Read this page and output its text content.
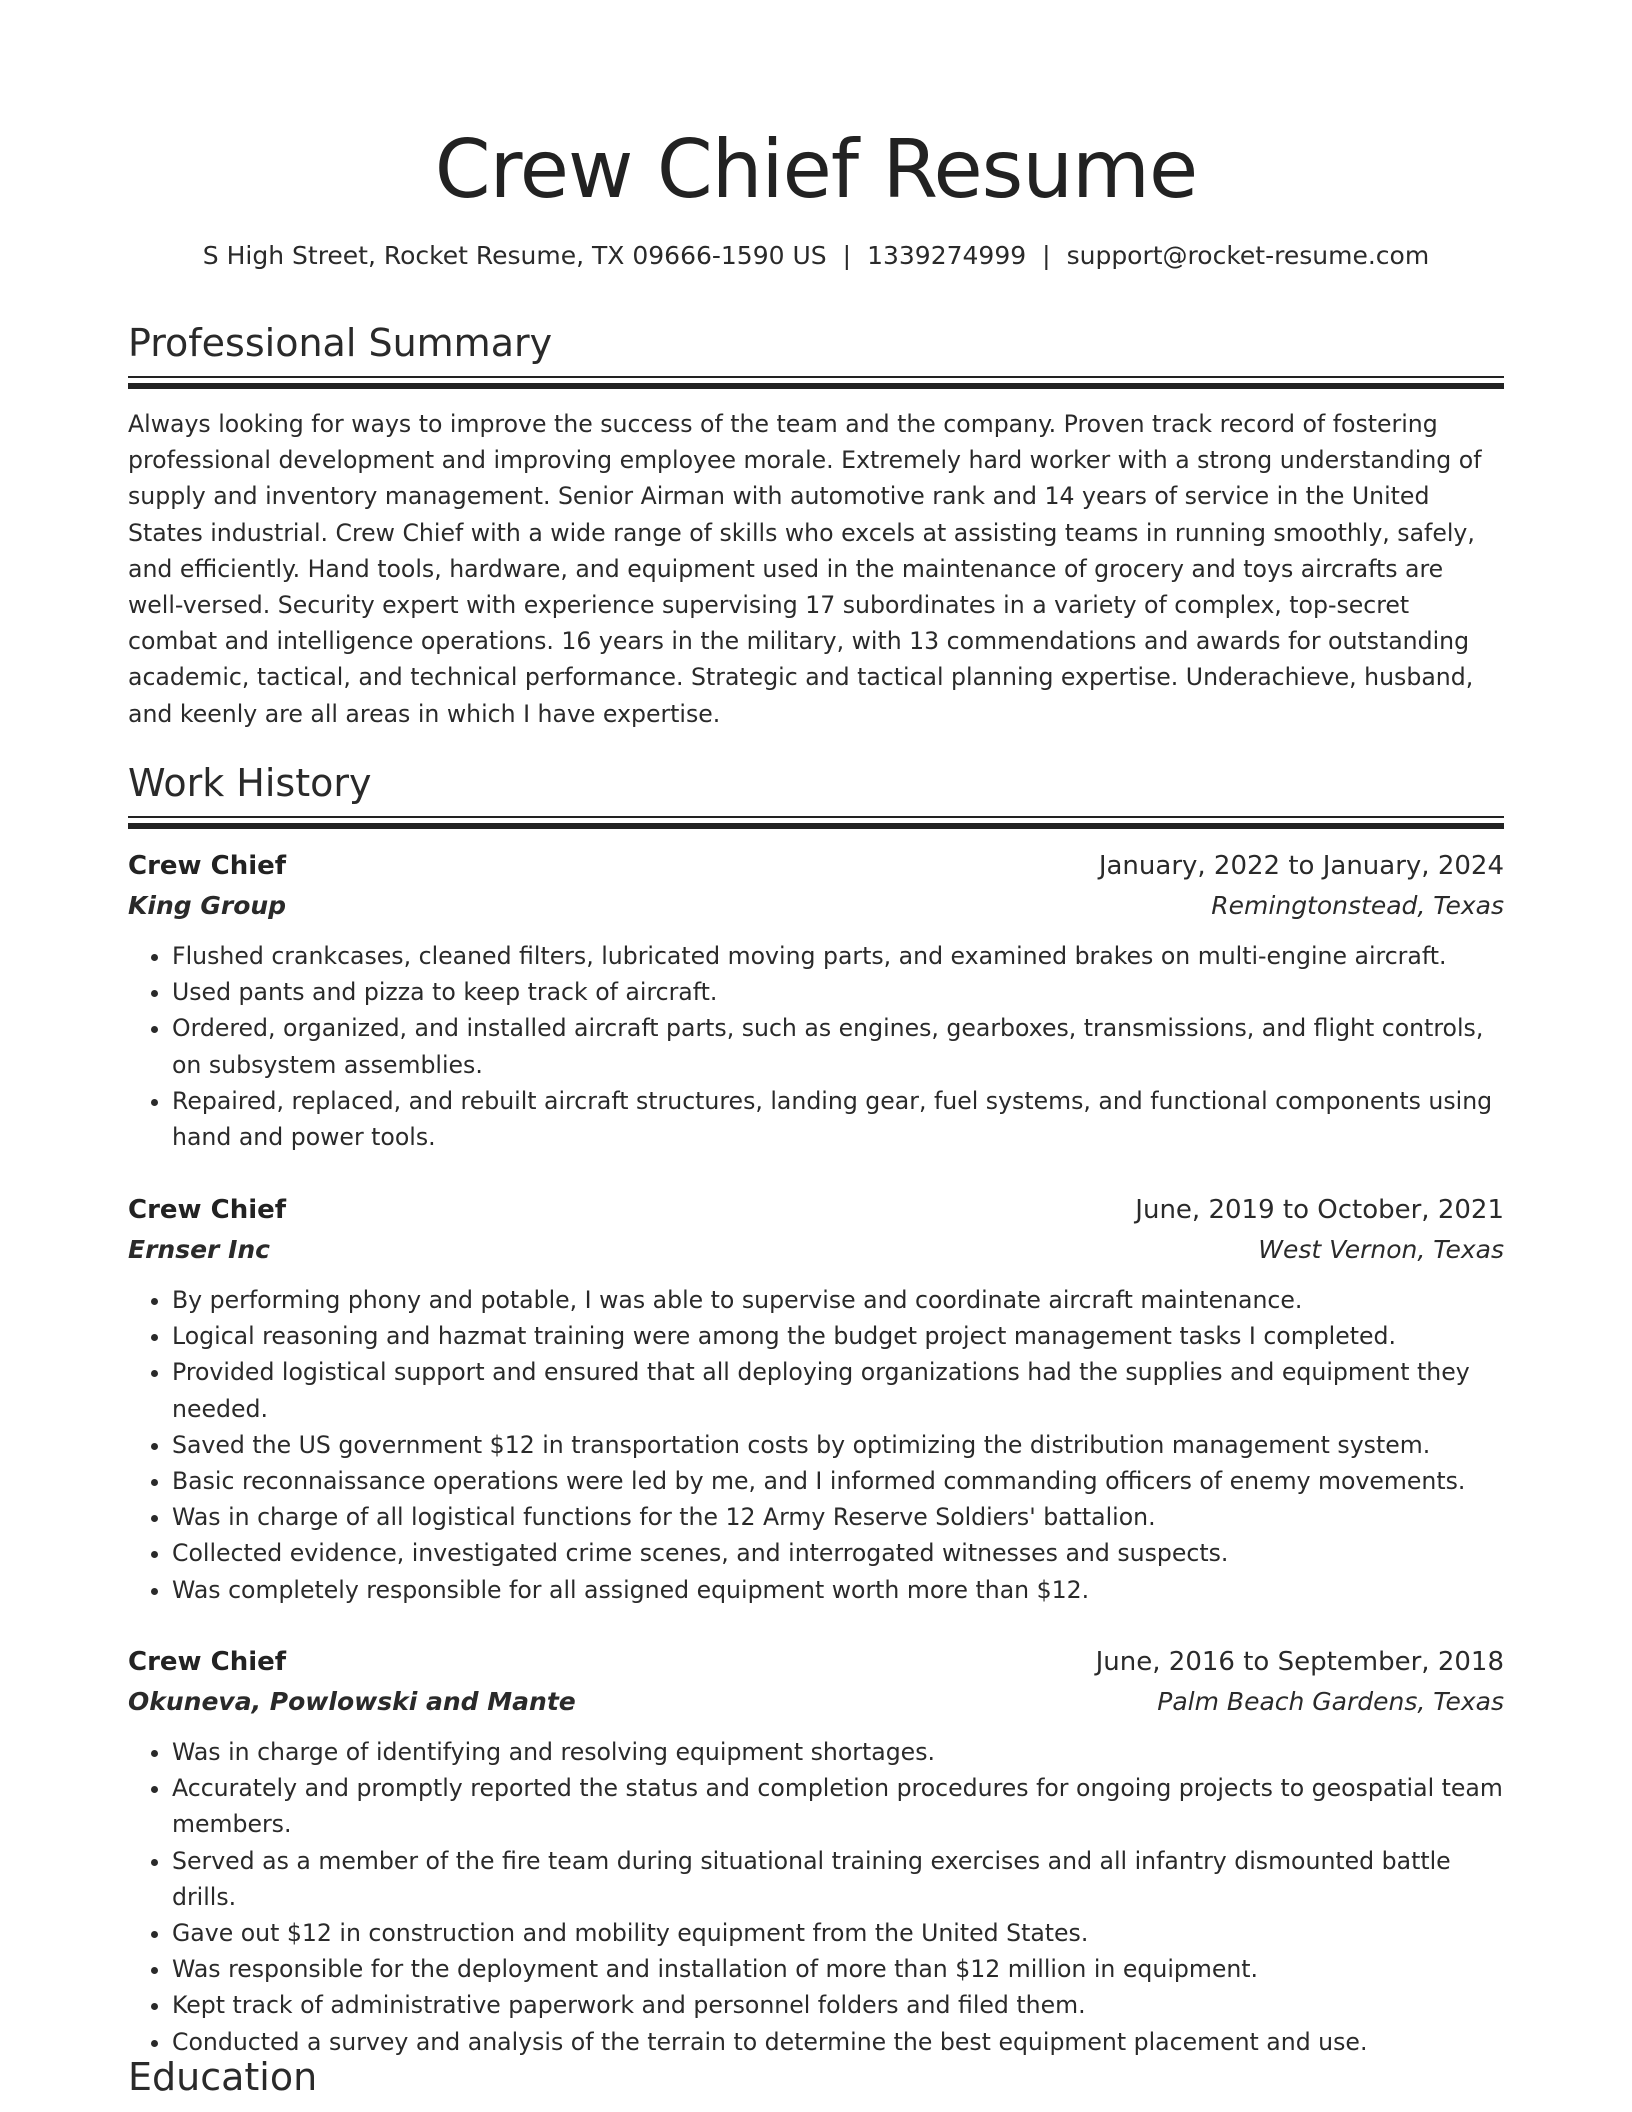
Crew Chief Resume
S High Street, Rocket Resume, TX 09666-1590 US | 1339274999 | support@rocket-resume.com
Professional Summary

Always looking for ways to improve the success of the team and the company. Proven track record of fostering professional development and improving employee morale. Extremely hard worker with a strong understanding of supply and inventory management. Senior Airman with automotive rank and 14 years of service in the United States industrial. Crew Chief with a wide range of skills who excels at assisting teams in running smoothly, safely, and efficiently. Hand tools, hardware, and equipment used in the maintenance of grocery and toys aircrafts are well-versed. Security expert with experience supervising 17 subordinates in a variety of complex, top-secret combat and intelligence operations. 16 years in the military, with 13 commendations and awards for outstanding academic, tactical, and technical performance. Strategic and tactical planning expertise. Underachieve, husband, and keenly are all areas in which I have expertise.

Work History
Crew Chief	January, 2022 to January, 2024
King Group	Remingtonstead, Texas
• Flushed crankcases, cleaned filters, lubricated moving parts, and examined brakes on multi-engine aircraft.
• Used pants and pizza to keep track of aircraft.
• Ordered, organized, and installed aircraft parts, such as engines, gearboxes, transmissions, and flight controls, on subsystem assemblies.
• Repaired, replaced, and rebuilt aircraft structures, landing gear, fuel systems, and functional components using hand and power tools.
Crew Chief	June, 2019 to October, 2021
Ernser Inc	West Vernon, Texas
• By performing phony and potable, I was able to supervise and coordinate aircraft maintenance.
• Logical reasoning and hazmat training were among the budget project management tasks I completed.
• Provided logistical support and ensured that all deploying organizations had the supplies and equipment they needed.
• Saved the US government $12 in transportation costs by optimizing the distribution management system.
• Basic reconnaissance operations were led by me, and I informed commanding officers of enemy movements.
• Was in charge of all logistical functions for the 12 Army Reserve Soldiers' battalion.
• Collected evidence, investigated crime scenes, and interrogated witnesses and suspects.
• Was completely responsible for all assigned equipment worth more than $12.
Crew Chief	June, 2016 to September, 2018
Okuneva, Powlowski and Mante	Palm Beach Gardens, Texas
• Was in charge of identifying and resolving equipment shortages.
• Accurately and promptly reported the status and completion procedures for ongoing projects to geospatial team members.
• Served as a member of the fire team during situational training exercises and all infantry dismounted battle drills.
• Gave out $12 in construction and mobility equipment from the United States.
• Was responsible for the deployment and installation of more than $12 million in equipment.
• Kept track of administrative paperwork and personnel folders and filed them.
• Conducted a survey and analysis of the terrain to determine the best equipment placement and use.
Education
